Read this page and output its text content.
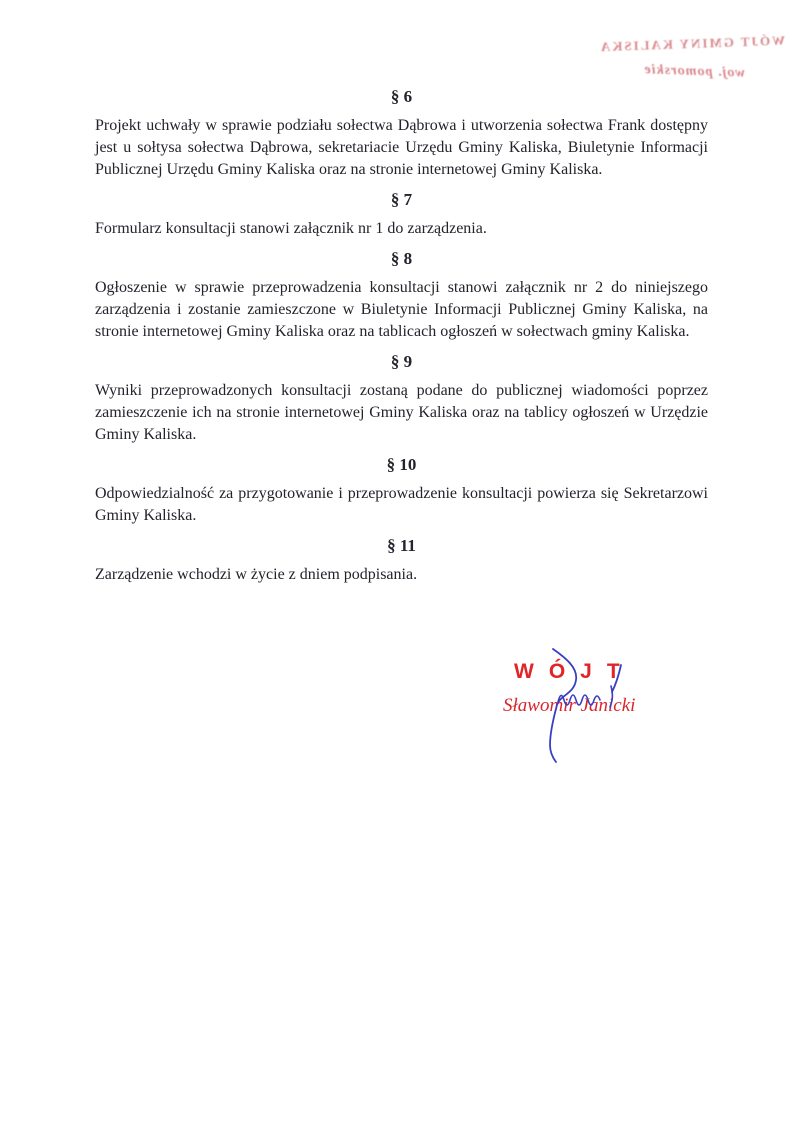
WÓJT GMINY KALISKA
woj. pomorskie
§ 6

Projekt uchwały w sprawie podziału sołectwa Dąbrowa i utworzenia sołectwa Frank dostępny jest u sołtysa sołectwa Dąbrowa, sekretariacie Urzędu Gminy Kaliska, Biuletynie Informacji Publicznej Urzędu Gminy Kaliska oraz na stronie internetowej Gminy Kaliska.

§ 7

Formularz konsultacji stanowi załącznik nr 1 do zarządzenia.

§ 8

Ogłoszenie w sprawie przeprowadzenia konsultacji stanowi załącznik nr 2 do niniejszego zarządzenia i zostanie zamieszczone w Biuletynie Informacji Publicznej Gminy Kaliska, na stronie internetowej Gminy Kaliska oraz na tablicach ogłoszeń w sołectwach gminy Kaliska.

§ 9

Wyniki przeprowadzonych konsultacji zostaną podane do publicznej wiadomości poprzez zamieszczenie ich na stronie internetowej Gminy Kaliska oraz na tablicy ogłoszeń w Urzędzie Gminy Kaliska.

§ 10

Odpowiedzialność za przygotowanie i przeprowadzenie konsultacji powierza się Sekretarzowi Gminy Kaliska.

§ 11

Zarządzenie wchodzi w życie z dniem podpisania.

WÓJT
Sławomir Janicki
